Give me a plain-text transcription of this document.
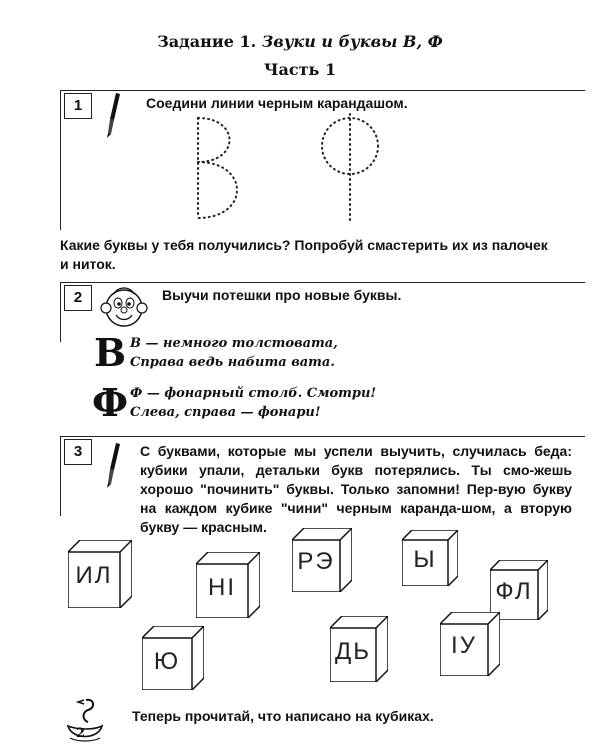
Задание 1. Звуки и буквы В, Ф
Часть 1
1	Соедини линии черным карандашом.
Какие буквы у тебя получились? Попробуй смастерить их из палочек и ниток.
2	Выучи потешки про новые буквы.
В В — немного толстовата,
Справа ведь набита вата.
Ф Ф — фонарный столб. Смотри!
Слева, справа — фонари!
3	С буквами, которые мы успели выучить, случилась беда: кубики упали, детальки букв потерялись. Ты смо-жешь хорошо "починить" буквы. Только запомни! Пер-вую букву на каждом кубике "чини" черным каранда-шом, а вторую букву — красным.
ИЛ	НІ
РЭ	Ы
ФЛ
Ю	ДЬ	ІУ
2
Теперь прочитай, что написано на кубиках.
